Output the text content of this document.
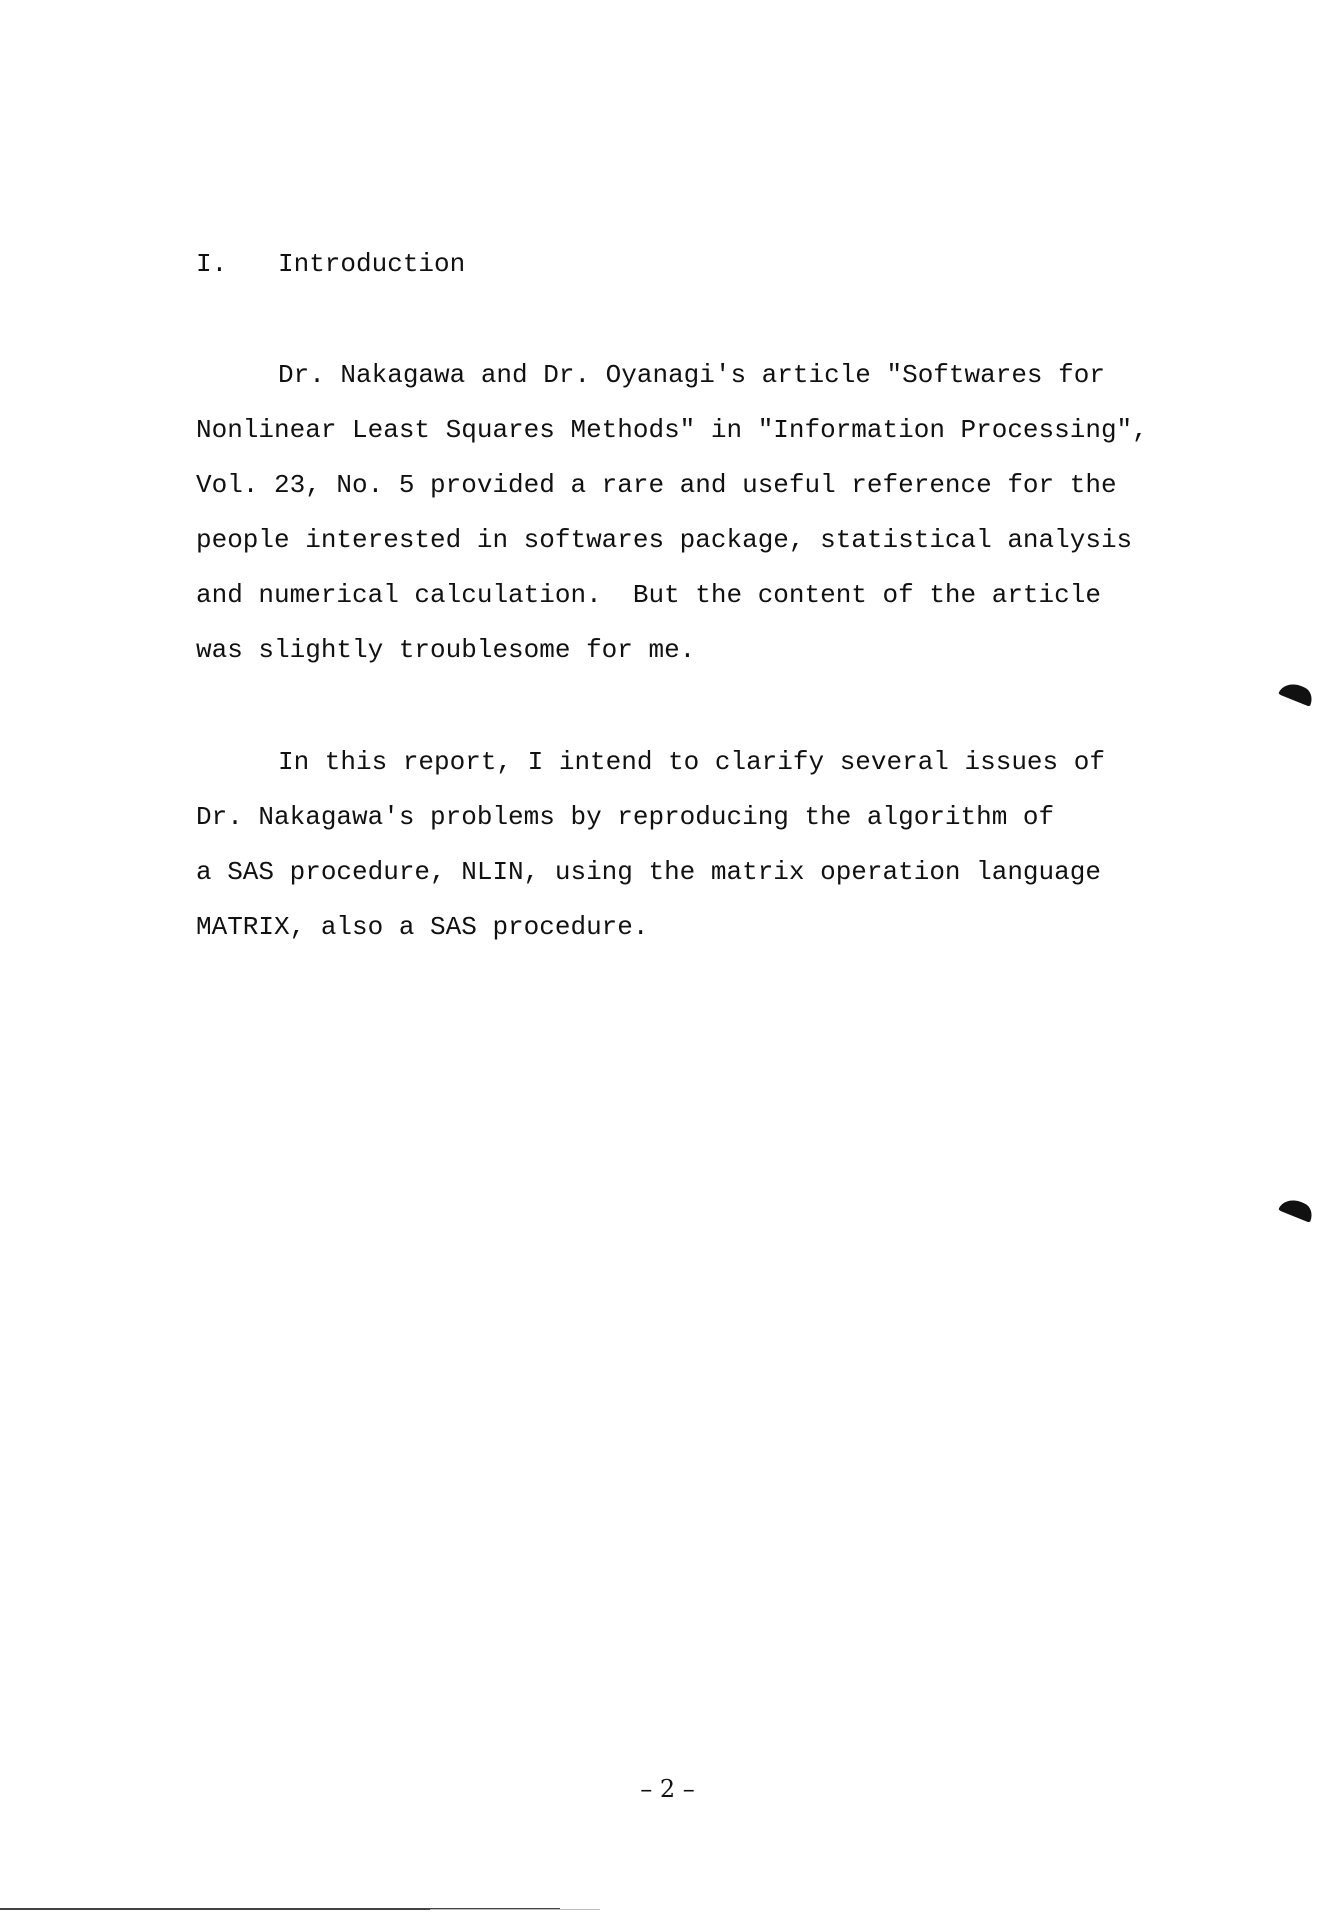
I. Introduction
Dr. Nakagawa and Dr. Oyanagi's article "Softwares for
Nonlinear Least Squares Methods" in "Information Processing",
Vol. 23, No. 5 provided a rare and useful reference for the
people interested in softwares package, statistical analysis
and numerical calculation.  But the content of the article
was slightly troublesome for me.
In this report, I intend to clarify several issues of
Dr. Nakagawa's problems by reproducing the algorithm of
a SAS procedure, NLIN, using the matrix operation language
MATRIX, also a SAS procedure.
– 2 –
